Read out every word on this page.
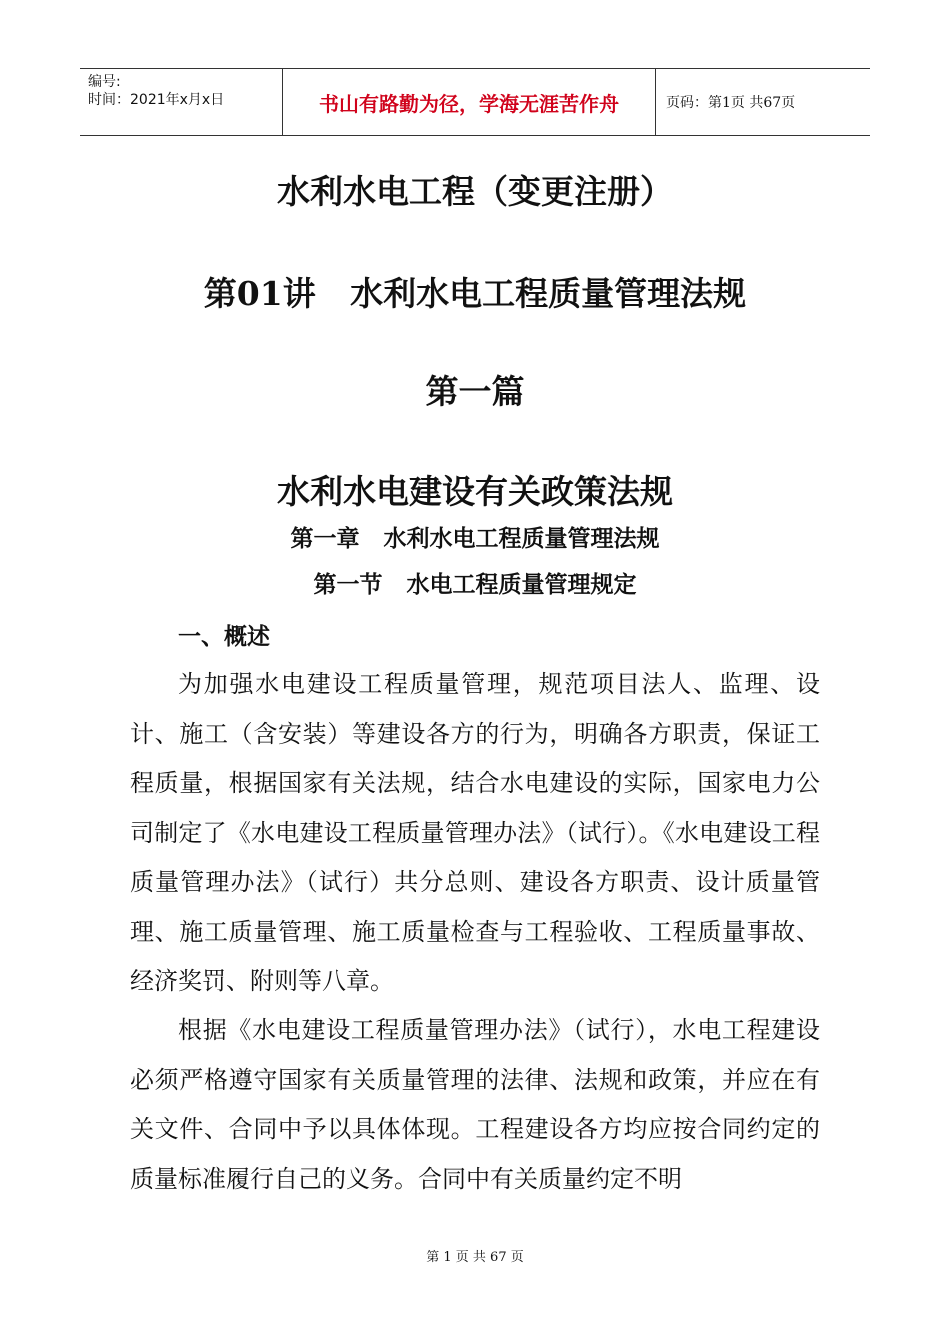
编号:
时间：2021年x月x日	书山有路勤为径，学海无涯苦作舟	页码：第1页 共67页
水利水电工程（变更注册）
第01讲   水利水电工程质量管理法规
第一篇
水利水电建设有关政策法规
第一章   水利水电工程质量管理法规
第一节   水电工程质量管理规定
一、概述
为加强水电建设工程质量管理，规范项目法人、监理、设计、施工（含安装）等建设各方的行为，明确各方职责，保证工程质量，根据国家有关法规，结合水电建设的实际，国家电力公司制定了《水电建设工程质量管理办法》（试行）。《水电建设工程质量管理办法》（试行）共分总则、建设各方职责、设计质量管理、施工质量管理、施工质量检查与工程验收、工程质量事故、经济奖罚、附则等八章。
根据《水电建设工程质量管理办法》（试行），水电工程建设必须严格遵守国家有关质量管理的法律、法规和政策，并应在有关文件、合同中予以具体体现。工程建设各方均应按合同约定的质量标准履行自己的义务。合同中有关质量约定不明
第 1 页 共 67 页
